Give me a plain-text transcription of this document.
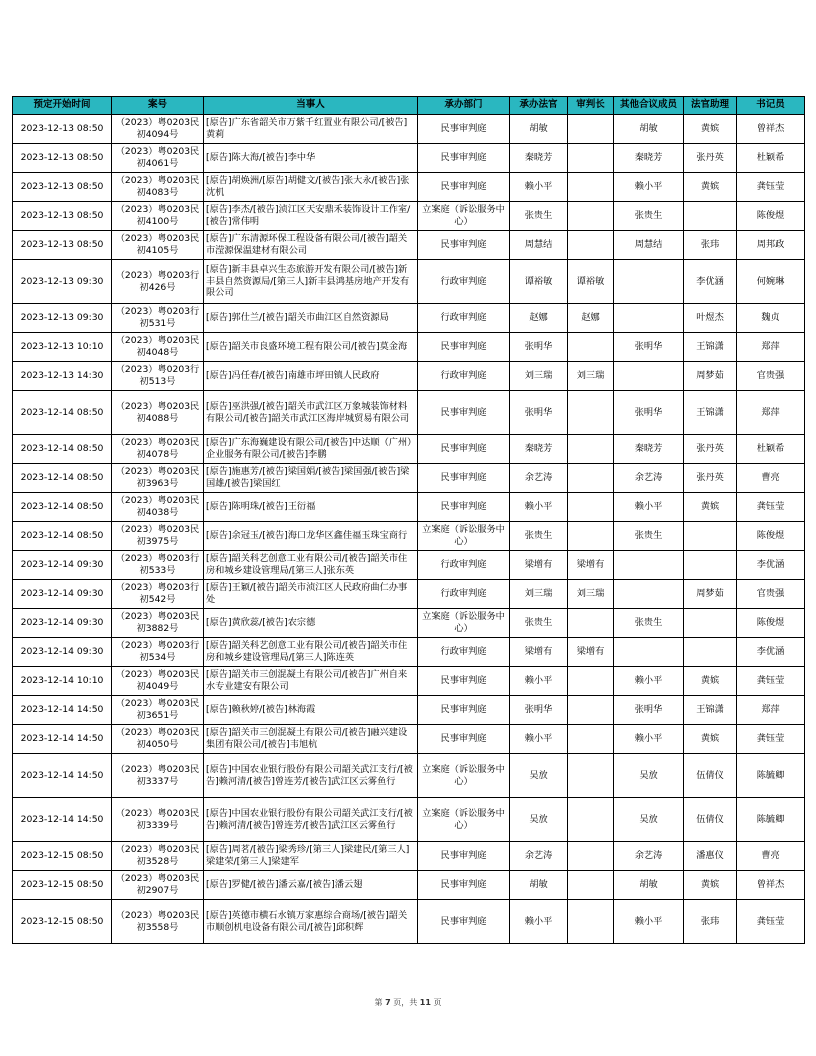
预定开始时间	案号	当事人	承办部门	承办法官	审判长	其他合议成员	法官助理	书记员
2023-12-13 08:50	（2023）粤0203民初4094号	[原告]广东省韶关市万紫千红置业有限公司/[被告]黄莉	民事审判庭	胡敏		胡敏	黄嫔	曾祥杰
2023-12-13 08:50	（2023）粤0203民初4061号	[原告]陈大海/[被告]李中华	民事审判庭	秦晓芳		秦晓芳	张丹英	杜颖希
2023-12-13 08:50	（2023）粤0203民初4083号	[原告]胡焕洲/[原告]胡健文/[被告]张大永/[被告]张沈机	民事审判庭	赖小平		赖小平	黄嫔	龚钰莹
2023-12-13 08:50	（2023）粤0203民初4100号	[原告]李杰/[被告]浈江区天安鼎禾装饰设计工作室/[被告]常伟明	立案庭（诉讼服务中心）	张贵生		张贵生		陈俊煜
2023-12-13 08:50	（2023）粤0203民初4105号	[原告]广东清源环保工程设备有限公司/[被告]韶关市滢源保温建材有限公司	民事审判庭	周慧结		周慧结	张玮	周邦政
2023-12-13 09:30	（2023）粤0203行初426号	[原告]新丰县卓兴生态旅游开发有限公司/[被告]新丰县自然资源局/[第三人]新丰县鸿基房地产开发有限公司	行政审判庭	谭裕敏	谭裕敏		李优涵	何婉琳
2023-12-13 09:30	（2023）粤0203行初531号	[原告]郭仕兰/[被告]韶关市曲江区自然资源局	行政审判庭	赵娜	赵娜		叶煜杰	魏贞
2023-12-13 10:10	（2023）粤0203民初4048号	[原告]韶关市良盛环境工程有限公司/[被告]莫金海	民事审判庭	张明华		张明华	王锦潇	郑萍
2023-12-13 14:30	（2023）粤0203行初513号	[原告]冯任春/[被告]南雄市坪田镇人民政府	行政审判庭	刘三瑞	刘三瑞		周梦茹	官贵强
2023-12-14 08:50	（2023）粤0203民初4088号	[原告]巫洪强/[被告]韶关市武江区万象城装饰材料有限公司/[被告]韶关市武江区海岸城贸易有限公司	民事审判庭	张明华		张明华	王锦潇	郑萍
2023-12-14 08:50	（2023）粤0203民初4078号	[原告]广东海巍建设有限公司/[被告]中达顺（广州）企业服务有限公司/[被告]李鹏	民事审判庭	秦晓芳		秦晓芳	张丹英	杜颖希
2023-12-14 08:50	（2023）粤0203民初3963号	[原告]施惠芳/[被告]梁国娟/[被告]梁国强/[被告]梁国雄/[被告]梁国红	民事审判庭	余艺涛		余艺涛	张丹英	曹亮
2023-12-14 08:50	（2023）粤0203民初4038号	[原告]陈明珠/[被告]王衍福	民事审判庭	赖小平		赖小平	黄嫔	龚钰莹
2023-12-14 08:50	（2023）粤0203民初3975号	[原告]余冠玉/[被告]海口龙华区鑫佳福玉珠宝商行	立案庭（诉讼服务中心）	张贵生		张贵生		陈俊煜
2023-12-14 09:30	（2023）粤0203行初533号	[原告]韶关科艺创意工业有限公司/[被告]韶关市住房和城乡建设管理局/[第三人]张东英	行政审判庭	梁增有	梁增有			李优涵
2023-12-14 09:30	（2023）粤0203行初542号	[原告]王颖/[被告]韶关市浈江区人民政府曲仁办事处	行政审判庭	刘三瑞	刘三瑞		周梦茹	官贵强
2023-12-14 09:30	（2023）粤0203民初3882号	[原告]黄欣蕊/[被告]农宗德	立案庭（诉讼服务中心）	张贵生		张贵生		陈俊煜
2023-12-14 09:30	（2023）粤0203行初534号	[原告]韶关科艺创意工业有限公司/[被告]韶关市住房和城乡建设管理局/[第三人]陈连英	行政审判庭	梁增有	梁增有			李优涵
2023-12-14 10:10	（2023）粤0203民初4049号	[原告]韶关市三创混凝土有限公司/[被告]广州自来水专业建安有限公司	民事审判庭	赖小平		赖小平	黄嫔	龚钰莹
2023-12-14 14:50	（2023）粤0203民初3651号	[原告]赖秋婷/[被告]林海霞	民事审判庭	张明华		张明华	王锦潇	郑萍
2023-12-14 14:50	（2023）粤0203民初4050号	[原告]韶关市三创混凝土有限公司/[被告]融兴建设集团有限公司/[被告]韦旭杭	民事审判庭	赖小平		赖小平	黄嫔	龚钰莹
2023-12-14 14:50	（2023）粤0203民初3337号	[原告]中国农业银行股份有限公司韶关武江支行/[被告]赖河清/[被告]曾连芳/[被告]武江区云雾鱼行	立案庭（诉讼服务中心）	吴放		吴放	伍倩仪	陈毓卿
2023-12-14 14:50	（2023）粤0203民初3339号	[原告]中国农业银行股份有限公司韶关武江支行/[被告]赖河清/[被告]曾连芳/[被告]武江区云雾鱼行	立案庭（诉讼服务中心）	吴放		吴放	伍倩仪	陈毓卿
2023-12-15 08:50	（2023）粤0203民初3528号	[原告]周茗/[被告]梁秀珍/[第三人]梁建民/[第三人]梁建荣/[第三人]梁建军	民事审判庭	余艺涛		余艺涛	潘惠仪	曹亮
2023-12-15 08:50	（2023）粤0203民初2907号	[原告]罗健/[被告]潘云嘉/[被告]潘云翅	民事审判庭	胡敏		胡敏	黄嫔	曾祥杰
2023-12-15 08:50	（2023）粤0203民初3558号	[原告]英德市横石水镇万家惠综合商场/[被告]韶关市顺创机电设备有限公司/[被告]邱积辉	民事审判庭	赖小平		赖小平	张玮	龚钰莹
第 7 页，共 11 页
